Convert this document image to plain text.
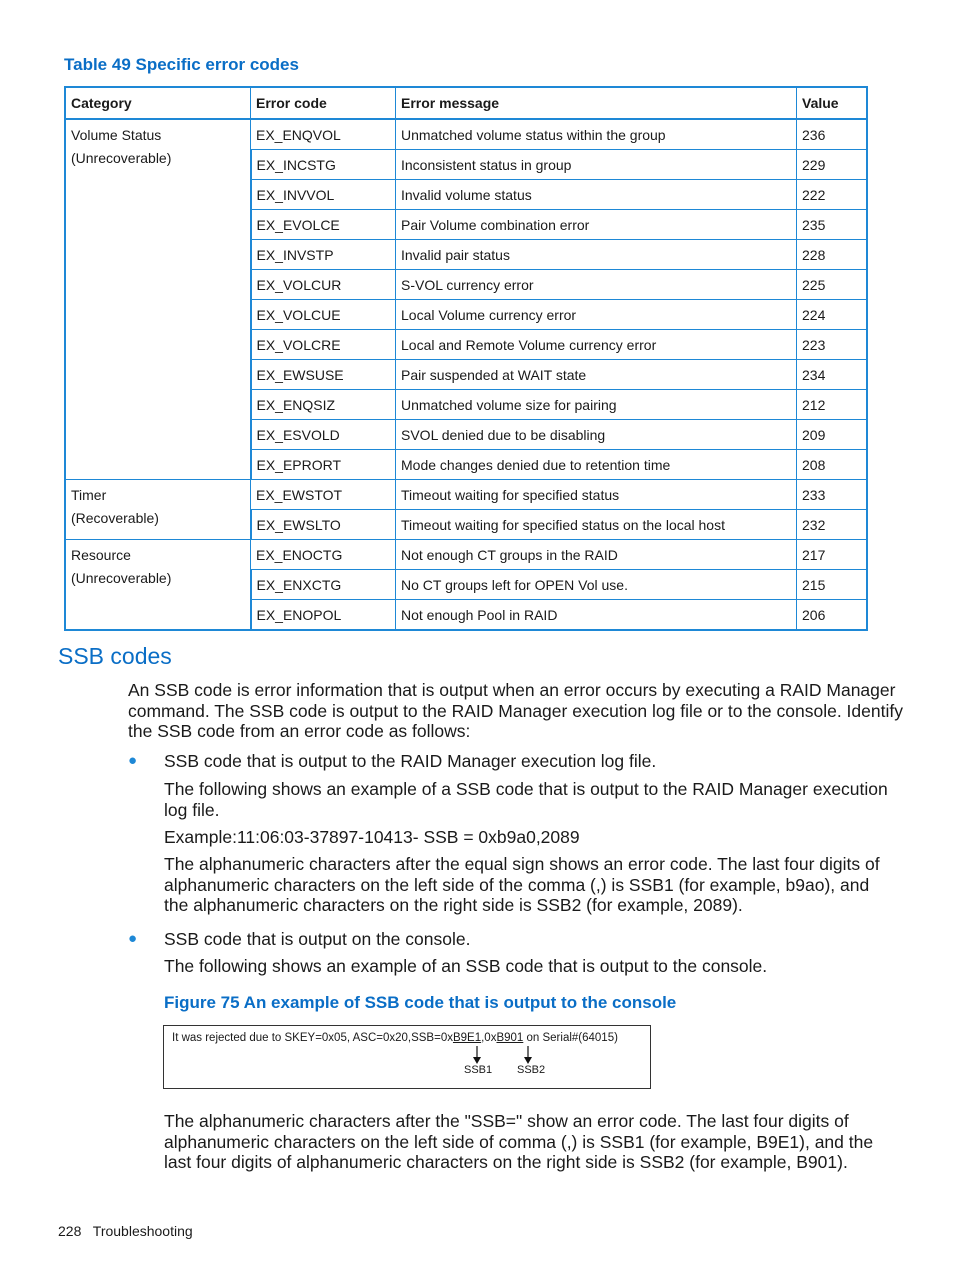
Table 49 Specific error codes
Category	Error code	Error message	Value

Volume Status
(Unrecoverable)	EX_ENQVOL	Unmatched volume status within the group	236
	EX_INCSTG	Inconsistent status in group	229
	EX_INVVOL	Invalid volume status	222
	EX_EVOLCE	Pair Volume combination error	235
	EX_INVSTP	Invalid pair status	228
	EX_VOLCUR	S-VOL currency error	225
	EX_VOLCUE	Local Volume currency error	224
	EX_VOLCRE	Local and Remote Volume currency error	223
	EX_EWSUSE	Pair suspended at WAIT state	234
	EX_ENQSIZ	Unmatched volume size for pairing	212
	EX_ESVOLD	SVOL denied due to be disabling	209
	EX_EPRORT	Mode changes denied due to retention time	208

Timer
(Recoverable)	EX_EWSTOT	Timeout waiting for specified status	233
	EX_EWSLTO	Timeout waiting for specified status on the local host	232

Resource
(Unrecoverable)	EX_ENOCTG	Not enough CT groups in the RAID	217
	EX_ENXCTG	No CT groups left for OPEN Vol use.	215
	EX_ENOPOL	Not enough Pool in RAID	206
SSB codes
An SSB code is error information that is output when an error occurs by executing a RAID Manager
command. The SSB code is output to the RAID Manager execution log file or to the console. Identify
the SSB code from an error code as follows:
● SSB code that is output to the RAID Manager execution log file.
The following shows an example of a SSB code that is output to the RAID Manager execution
log file.
Example:11:06:03-37897-10413- SSB = 0xb9a0,2089
The alphanumeric characters after the equal sign shows an error code. The last four digits of
alphanumeric characters on the left side of the comma (,) is SSB1 (for example, b9ao), and
the alphanumeric characters on the right side is SSB2 (for example, 2089).
● SSB code that is output on the console.
The following shows an example of an SSB code that is output to the console.
Figure 75 An example of SSB code that is output to the console
It was rejected due to SKEY=0x05, ASC=0x20,SSB=0xB9E1,0xB901 on Serial#(64015)
SSB1 SSB2
The alphanumeric characters after the "SSB=" show an error code. The last four digits of
alphanumeric characters on the left side of comma (,) is SSB1 (for example, B9E1), and the
last four digits of alphanumeric characters on the right side is SSB2 (for example, B901).
228 Troubleshooting
